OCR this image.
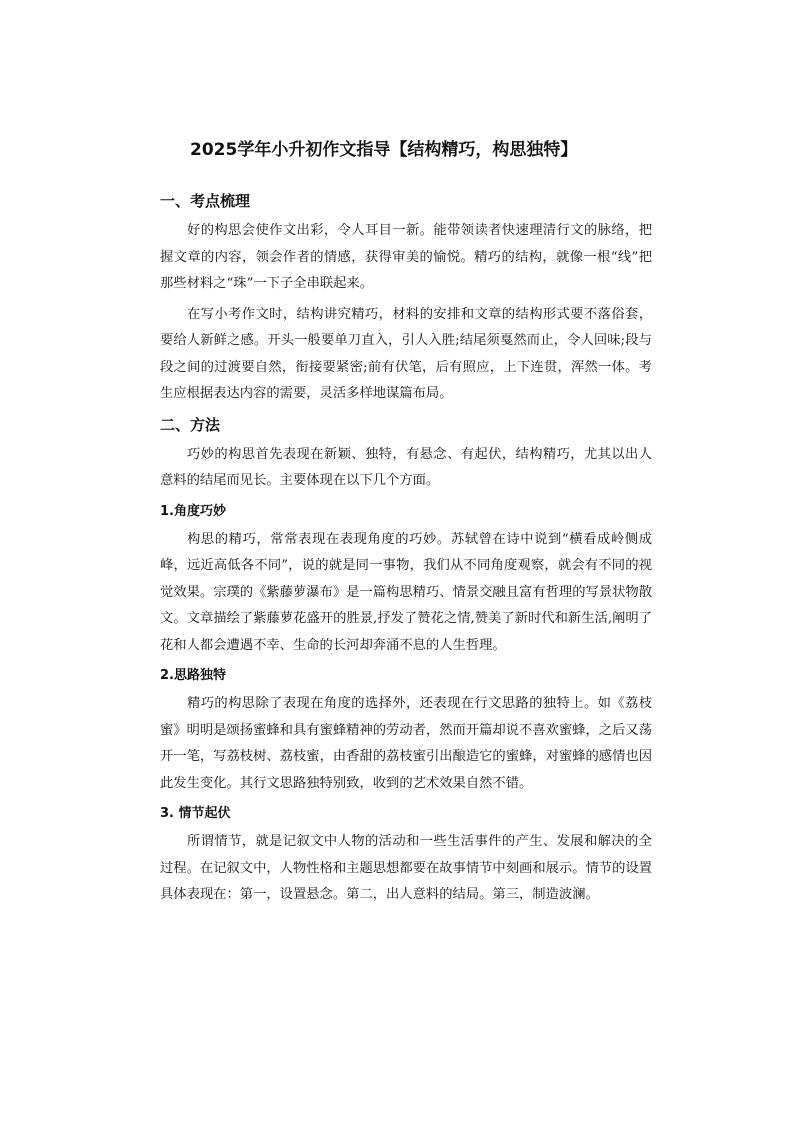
2025学年小升初作文指导【结构精巧，构思独特】
一、考点梳理

好的构思会使作文出彩，令人耳目一新。能带领读者快速理清行文的脉络，把握文章的内容，领会作者的情感，获得审美的愉悦。精巧的结构，就像一根“线”把那些材料之“珠”一下子全串联起来。

在写小考作文时，结构讲究精巧，材料的安排和文章的结构形式要不落俗套，要给人新鲜之感。开头一般要单刀直入，引人入胜;结尾须戛然而止，令人回味;段与段之间的过渡要自然，衔接要紧密;前有伏笔，后有照应，上下连贯，浑然一体。考生应根据表达内容的需要，灵活多样地谋篇布局。

二、方法

巧妙的构思首先表现在新颖、独特，有悬念、有起伏，结构精巧，尤其以出人意料的结尾而见长。主要体现在以下几个方面。

1.角度巧妙

构思的精巧，常常表现在表现角度的巧妙。苏轼曾在诗中说到“横看成岭侧成峰，远近高低各不同”，说的就是同一事物，我们从不同角度观察，就会有不同的视觉效果。宗璞的《紫藤萝瀑布》是一篇构思精巧、情景交融且富有哲理的写景状物散文。文章描绘了紫藤萝花盛开的胜景,抒发了赞花之情,赞美了新时代和新生活,阐明了花和人都会遭遇不幸、生命的长河却奔涌不息的人生哲理。

2.思路独特

精巧的构思除了表现在角度的选择外，还表现在行文思路的独特上。如《荔枝蜜》明明是颂扬蜜蜂和具有蜜蜂精神的劳动者，然而开篇却说不喜欢蜜蜂，之后又荡开一笔，写荔枝树、荔枝蜜，由香甜的荔枝蜜引出酿造它的蜜蜂，对蜜蜂的感情也因此发生变化。其行文思路独特别致，收到的艺术效果自然不错。

3. 情节起伏

所谓情节，就是记叙文中人物的活动和一些生活事件的产生、发展和解决的全过程。在记叙文中，人物性格和主题思想都要在故事情节中刻画和展示。情节的设置具体表现在：第一，设置悬念。第二，出人意料的结局。第三，制造波澜。
